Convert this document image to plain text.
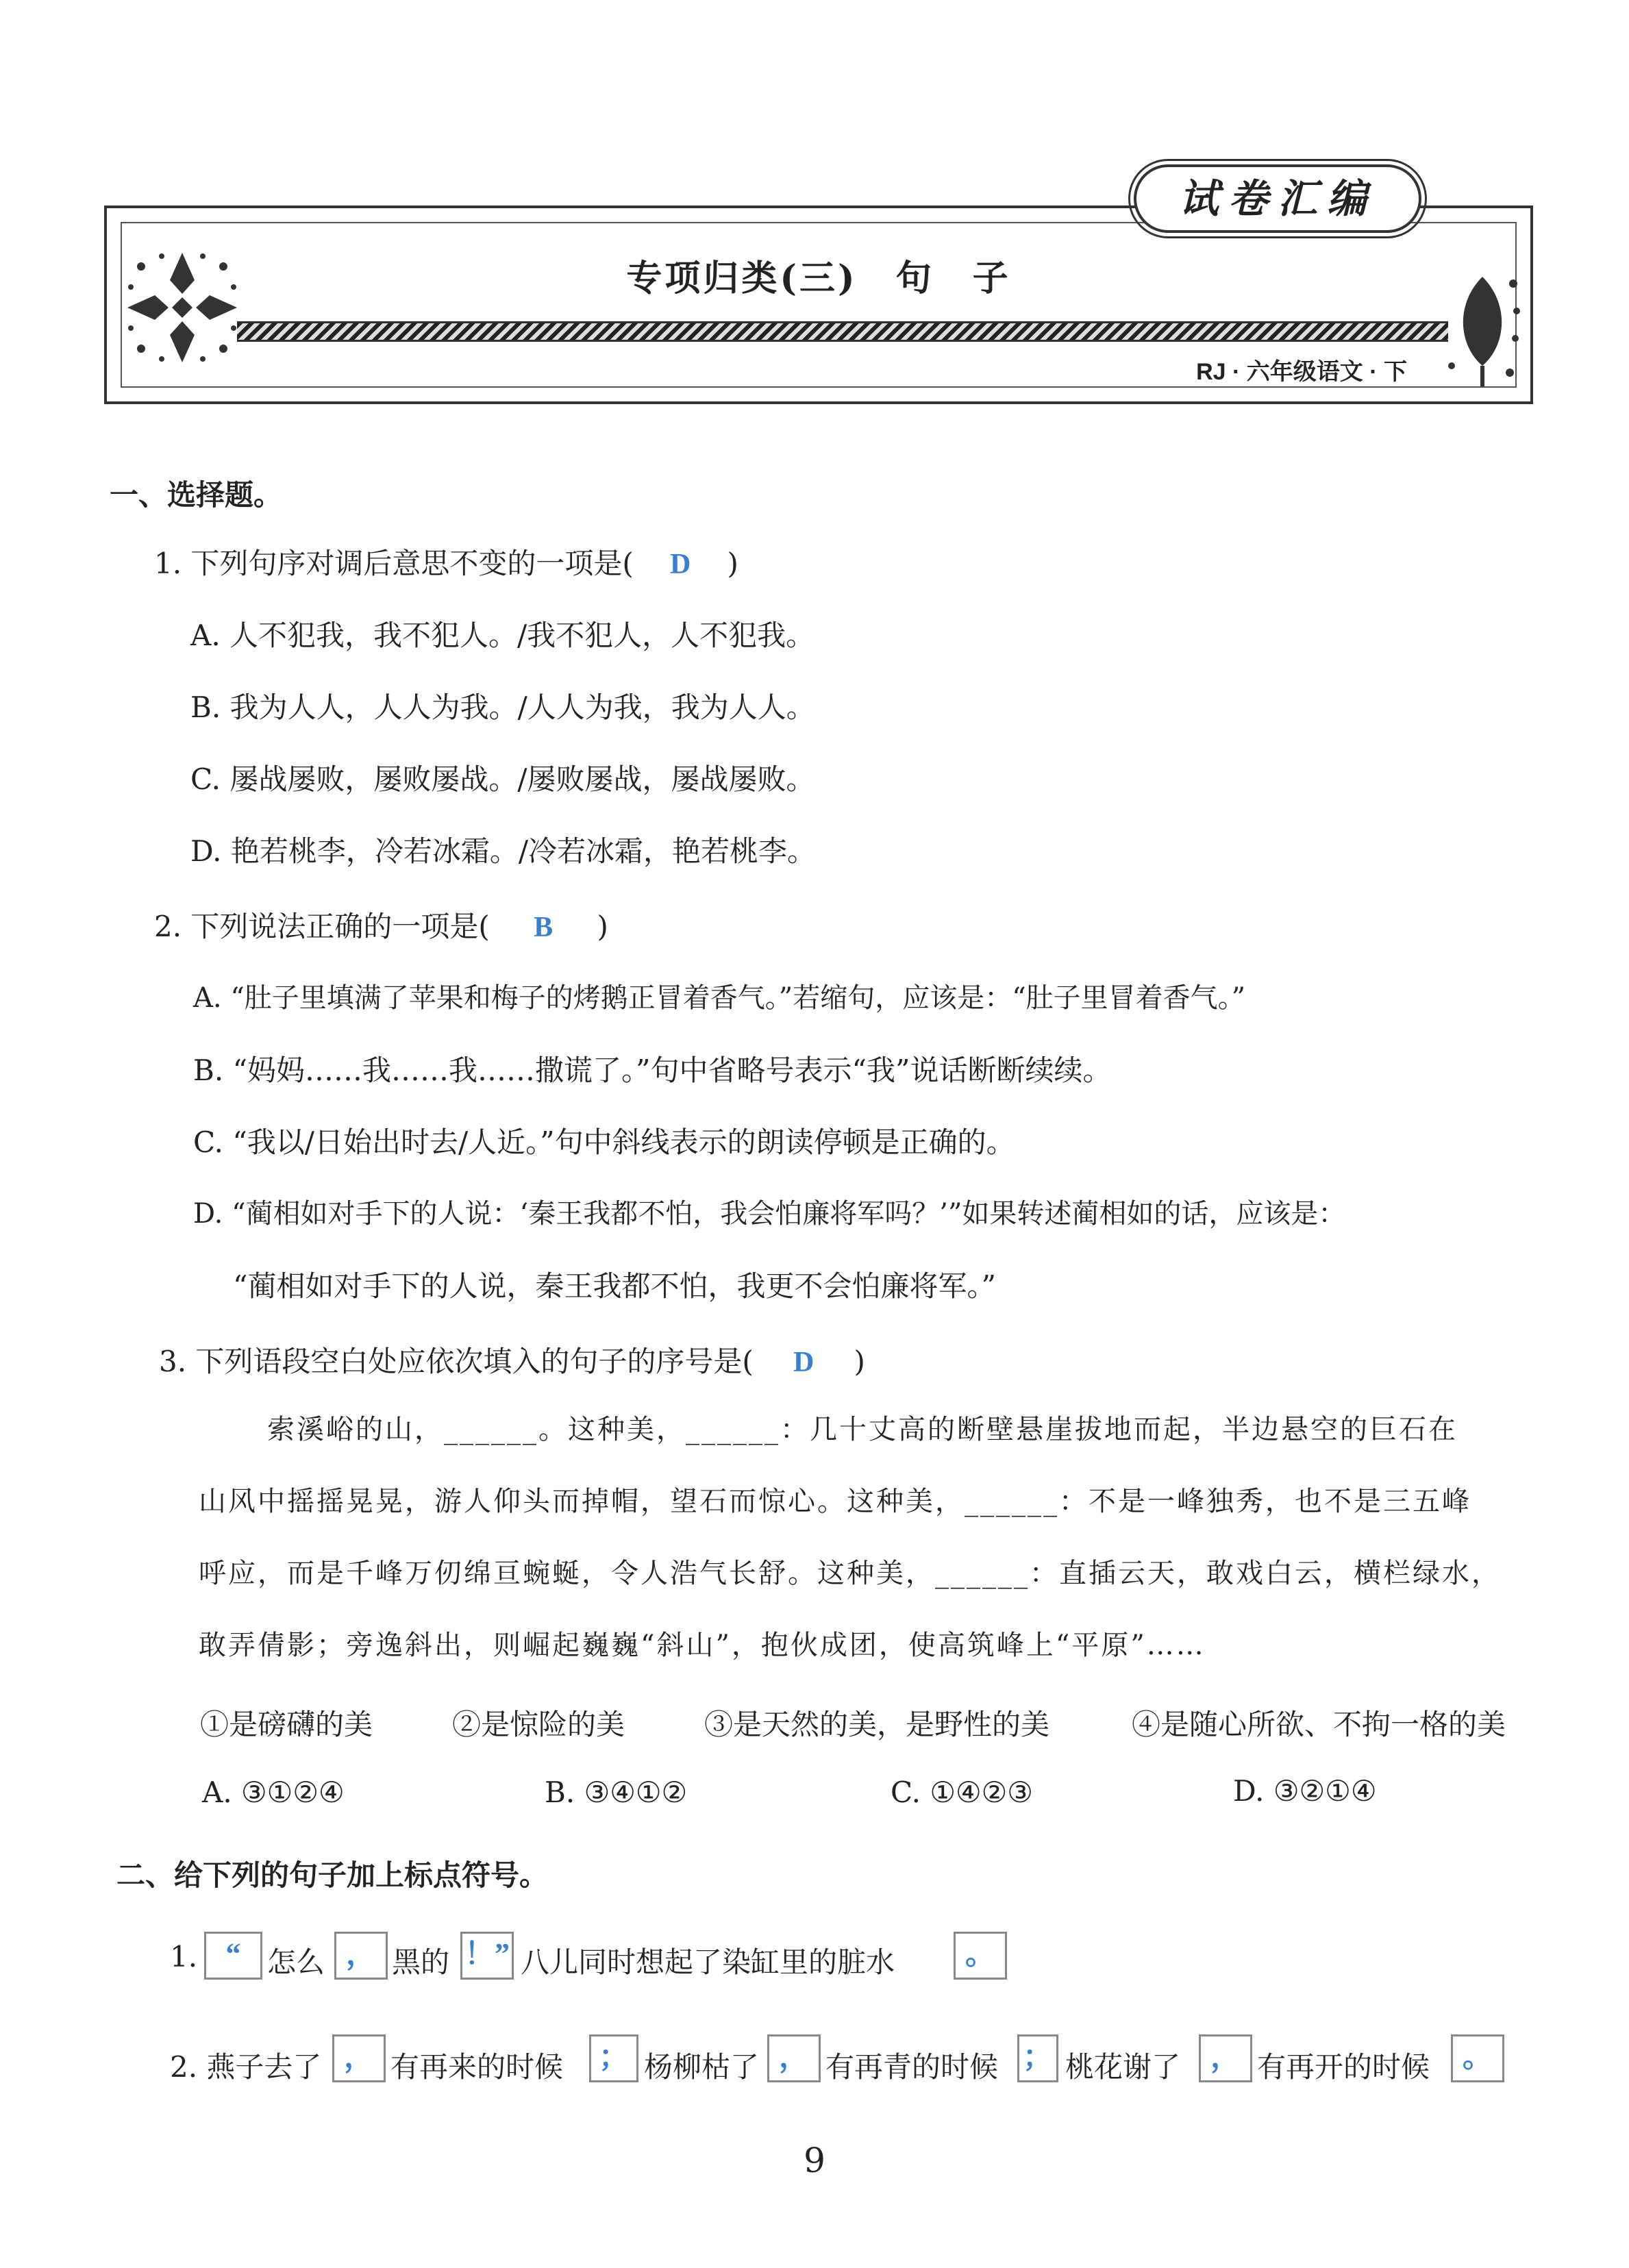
专项归类(三)　句　子
RJ · 六年级语文 · 下
试卷汇编
一、选择题。
1. 下列句序对调后意思不变的一项是( D )
A. 人不犯我，我不犯人。/我不犯人，人不犯我。
B. 我为人人，人人为我。/人人为我，我为人人。
C. 屡战屡败，屡败屡战。/屡败屡战，屡战屡败。
D. 艳若桃李，冷若冰霜。/冷若冰霜，艳若桃李。
2. 下列说法正确的一项是( B )
A. “肚子里填满了苹果和梅子的烤鹅正冒着香气。”若缩句，应该是：“肚子里冒着香气。”
B. “妈妈……我……我……撒谎了。”句中省略号表示“我”说话断断续续。
C. “我以/日始出时去/人近。”句中斜线表示的朗读停顿是正确的。
D. “蔺相如对手下的人说：‘秦王我都不怕，我会怕廉将军吗？’”如果转述蔺相如的话，应该是：
“蔺相如对手下的人说，秦王我都不怕，我更不会怕廉将军。”
3. 下列语段空白处应依次填入的句子的序号是( D )
索溪峪的山，______。这种美，______：几十丈高的断壁悬崖拔地而起，半边悬空的巨石在
山风中摇摇晃晃，游人仰头而掉帽，望石而惊心。这种美，______：不是一峰独秀，也不是三五峰
呼应，而是千峰万仞绵亘蜿蜒，令人浩气长舒。这种美，______：直插云天，敢戏白云，横栏绿水，
敢弄倩影；旁逸斜出，则崛起巍巍“斜山”，抱伙成团，使高筑峰上“平原”……
①是磅礴的美	②是惊险的美	③是天然的美，是野性的美	④是随心所欲、不拘一格的美
A. ③①②④	B. ③④①②	C. ①④②③	D. ③②①④
二、给下列的句子加上标点符号。
1. “ 怎么 ， 黑的 ！” 八儿同时想起了染缸里的脏水	。
2. 燕子去了 ， 有再来的时候	； 杨柳枯了 ， 有再青的时候 ； 桃花谢了 ， 有再开的时候	。
9
